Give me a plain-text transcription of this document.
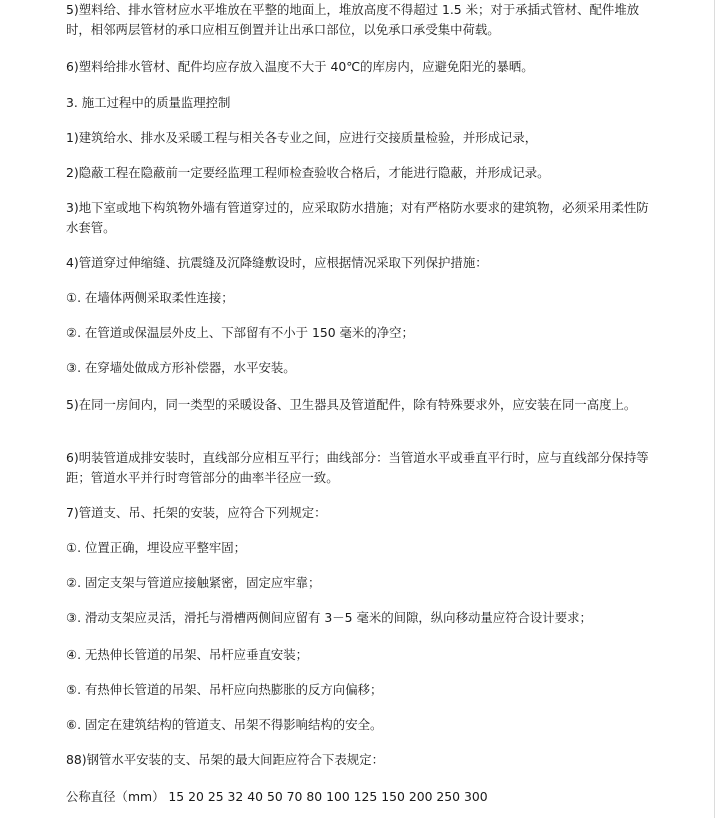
5)塑料给、排水管材应水平堆放在平整的地面上，堆放高度不得超过 1.5 米；对于承插式管材、配件堆放时，相邻两层管材的承口应相互倒置并让出承口部位，以免承口承受集中荷载。

6)塑料给排水管材、配件均应存放入温度不大于 40℃的库房内，应避免阳光的暴晒。

3. 施工过程中的质量监理控制

1)建筑给水、排水及采暖工程与相关各专业之间，应进行交接质量检验，并形成记录，

2)隐蔽工程在隐蔽前一定要经监理工程师检查验收合格后，才能进行隐蔽，并形成记录。

3)地下室或地下构筑物外墙有管道穿过的，应采取防水措施；对有严格防水要求的建筑物，必须采用柔性防水套管。

4)管道穿过伸缩缝、抗震缝及沉降缝敷设时，应根据情况采取下列保护措施：

①. 在墙体两侧采取柔性连接；

②. 在管道或保温层外皮上、下部留有不小于 150 毫米的净空；

③. 在穿墙处做成方形补偿器，水平安装。

5)在同一房间内，同一类型的采暖设备、卫生器具及管道配件，除有特殊要求外，应安装在同一高度上。

6)明装管道成排安装时，直线部分应相互平行；曲线部分：当管道水平或垂直平行时，应与直线部分保持等距；管道水平并行时弯管部分的曲率半径应一致。

7)管道支、吊、托架的安装，应符合下列规定：

①. 位置正确，埋设应平整牢固；

②. 固定支架与管道应接触紧密，固定应牢靠；

③. 滑动支架应灵活，滑托与滑槽两侧间应留有 3－5 毫米的间隙，纵向移动量应符合设计要求；

④. 无热伸长管道的吊架、吊杆应垂直安装；

⑤. 有热伸长管道的吊架、吊杆应向热膨胀的反方向偏移；

⑥. 固定在建筑结构的管道支、吊架不得影响结构的安全。

88)钢管水平安装的支、吊架的最大间距应符合下表规定：

公称直径（mm） 15 20 25 32 40 50 70 80 100 125 150 200 250 300
